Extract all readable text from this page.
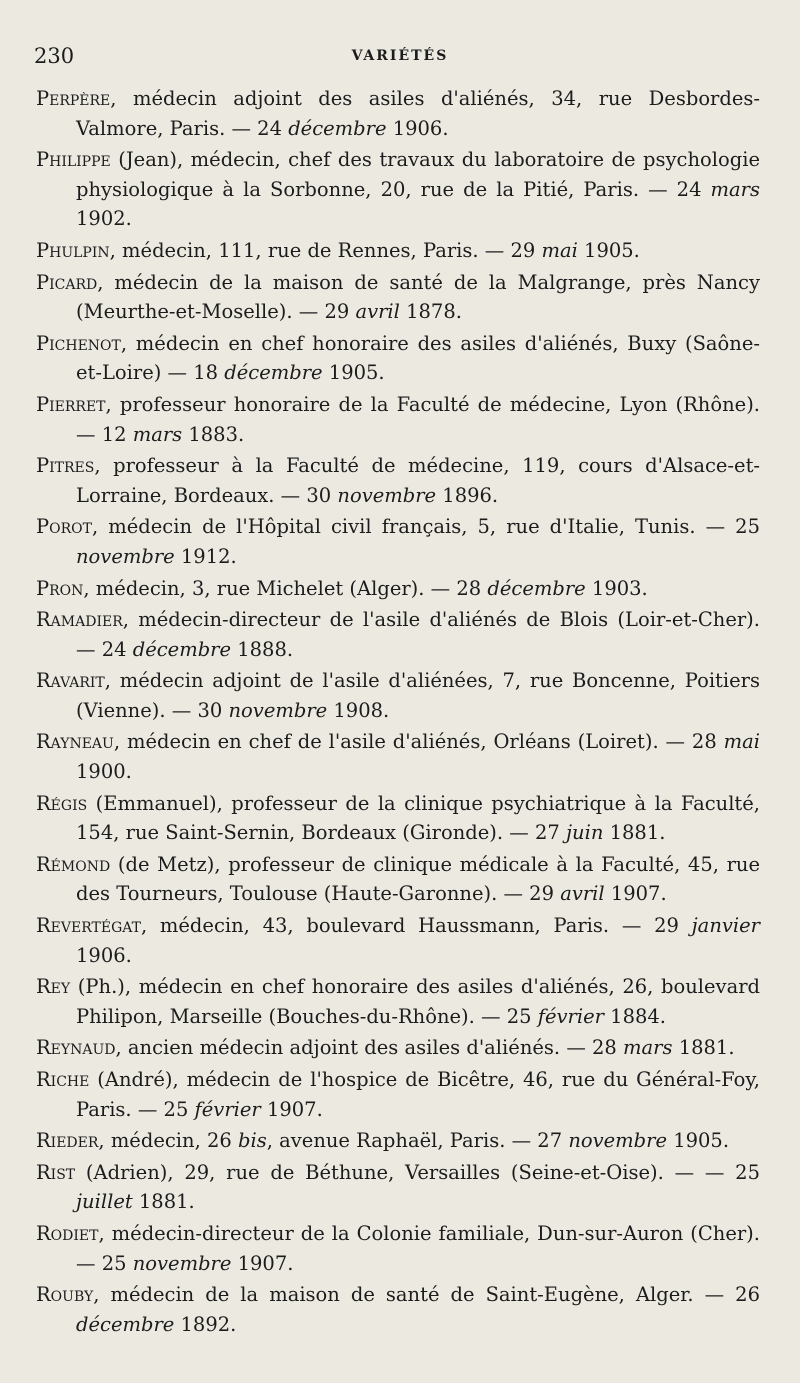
230	VARIÉTÉS

Perpère, médecin adjoint des asiles d'aliénés, 34, rue Desbordes-Valmore, Paris. — 24 décembre 1906.

Philippe (Jean), médecin, chef des travaux du laboratoire de psychologie physiologique à la Sorbonne, 20, rue de la Pitié, Paris. — 24 mars 1902.

Phulpin, médecin, 111, rue de Rennes, Paris. — 29 mai 1905.

Picard, médecin de la maison de santé de la Malgrange, près Nancy (Meurthe-et-Moselle). — 29 avril 1878.

Pichenot, médecin en chef honoraire des asiles d'aliénés, Buxy (Saône-et-Loire) — 18 décembre 1905.

Pierret, professeur honoraire de la Faculté de médecine, Lyon (Rhône). — 12 mars 1883.

Pitres, professeur à la Faculté de médecine, 119, cours d'Alsace-et-Lorraine, Bordeaux. — 30 novembre 1896.

Porot, médecin de l'Hôpital civil français, 5, rue d'Italie, Tunis. — 25 novembre 1912.

Pron, médecin, 3, rue Michelet (Alger). — 28 décembre 1903.

Ramadier, médecin-directeur de l'asile d'aliénés de Blois (Loir-et-Cher). — 24 décembre 1888.

Ravarit, médecin adjoint de l'asile d'aliénées, 7, rue Boncenne, Poitiers (Vienne). — 30 novembre 1908.

Rayneau, médecin en chef de l'asile d'aliénés, Orléans (Loiret). — 28 mai 1900.

Régis (Emmanuel), professeur de la clinique psychiatrique à la Faculté, 154, rue Saint-Sernin, Bordeaux (Gironde). — 27 juin 1881.

Rémond (de Metz), professeur de clinique médicale à la Faculté, 45, rue des Tourneurs, Toulouse (Haute-Garonne). — 29 avril 1907.

Revertégat, médecin, 43, boulevard Haussmann, Paris. — 29 janvier 1906.

Rey (Ph.), médecin en chef honoraire des asiles d'aliénés, 26, boulevard Philipon, Marseille (Bouches-du-Rhône). — 25 février 1884.

Reynaud, ancien médecin adjoint des asiles d'aliénés. — 28 mars 1881.

Riche (André), médecin de l'hospice de Bicêtre, 46, rue du Général-Foy, Paris. — 25 février 1907.

Rieder, médecin, 26 bis, avenue Raphaël, Paris. — 27 novembre 1905.

Rist (Adrien), 29, rue de Béthune, Versailles (Seine-et-Oise). — — 25 juillet 1881.

Rodiet, médecin-directeur de la Colonie familiale, Dun-sur-Auron (Cher). — 25 novembre 1907.

Rouby, médecin de la maison de santé de Saint-Eugène, Alger. — 26 décembre 1892.
